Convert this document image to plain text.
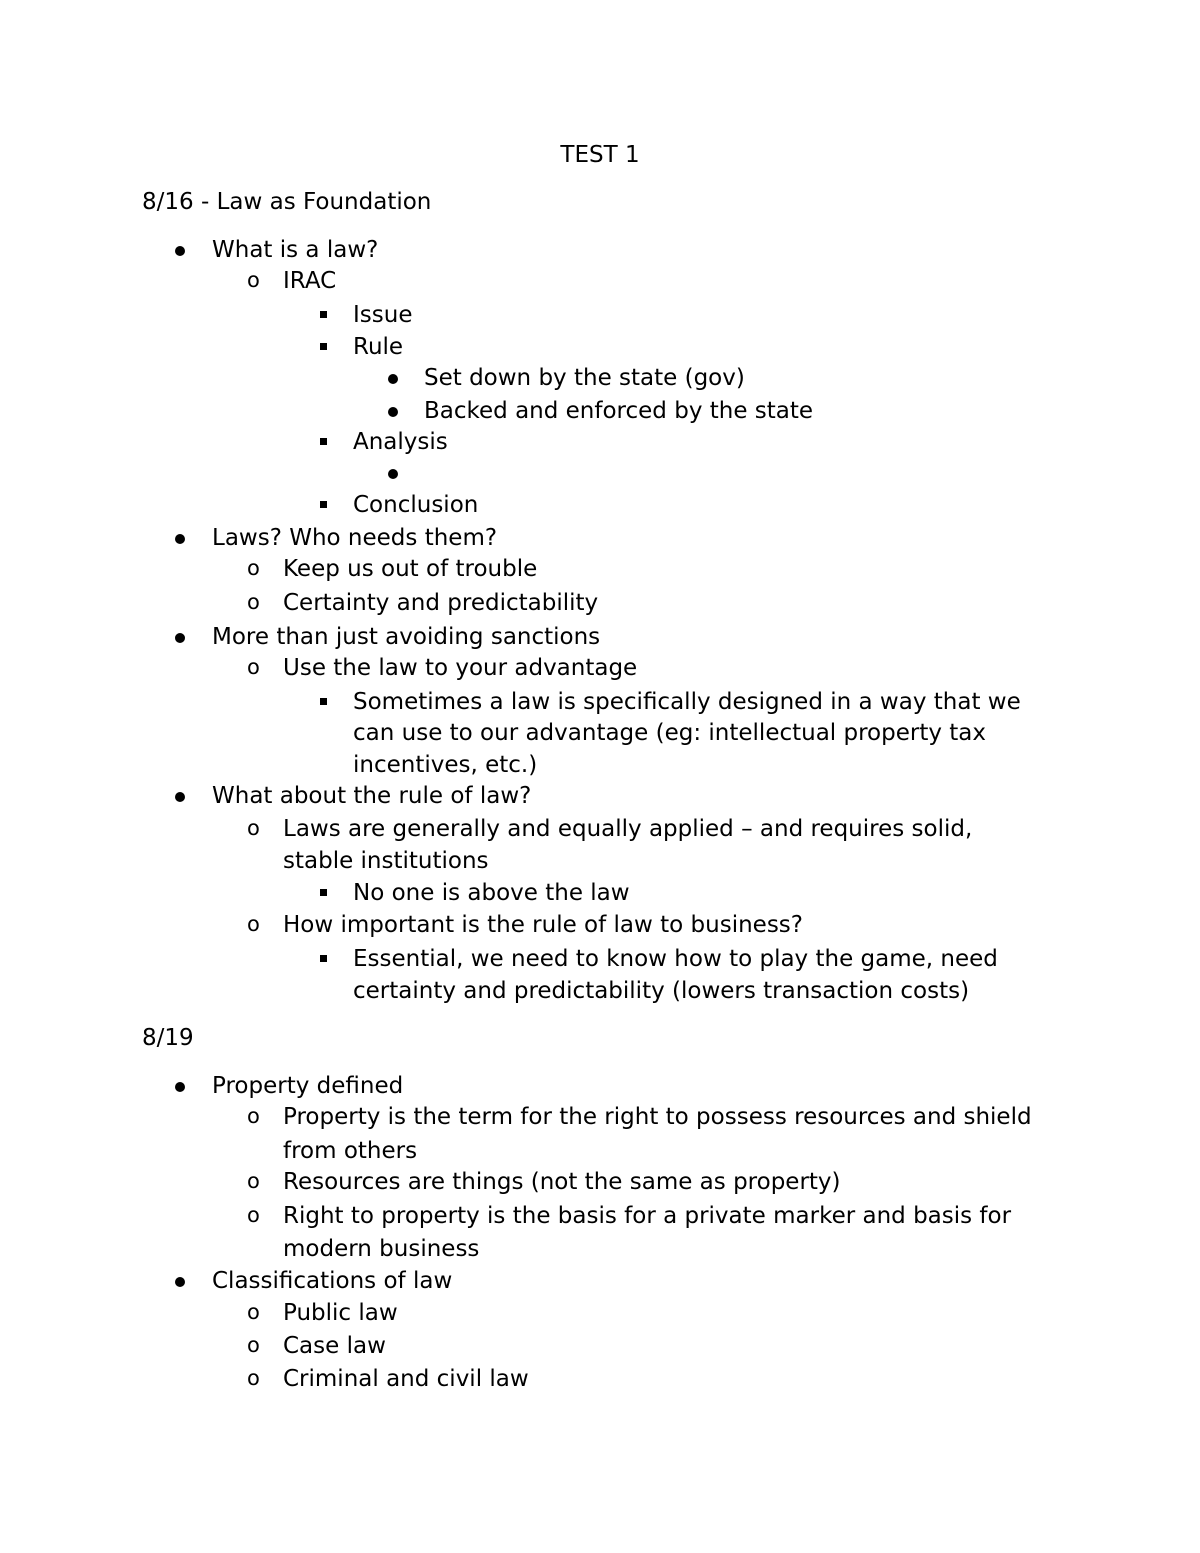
TEST 1
8/16 - Law as Foundation
What is a law?
o IRAC
Issue
Rule
Set down by the state (gov)
Backed and enforced by the state
Analysis
Conclusion
Laws? Who needs them?
o Keep us out of trouble
o Certainty and predictability
More than just avoiding sanctions
o Use the law to your advantage
Sometimes a law is specifically designed in a way that we
can use to our advantage (eg: intellectual property tax
incentives, etc.)
What about the rule of law?
o Laws are generally and equally applied – and requires solid,
stable institutions
No one is above the law
o How important is the rule of law to business?
Essential, we need to know how to play the game, need
certainty and predictability (lowers transaction costs)
8/19
Property defined
o Property is the term for the right to possess resources and shield
from others
o Resources are things (not the same as property)
o Right to property is the basis for a private marker and basis for
modern business
Classifications of law
o Public law
o Case law
o Criminal and civil law
